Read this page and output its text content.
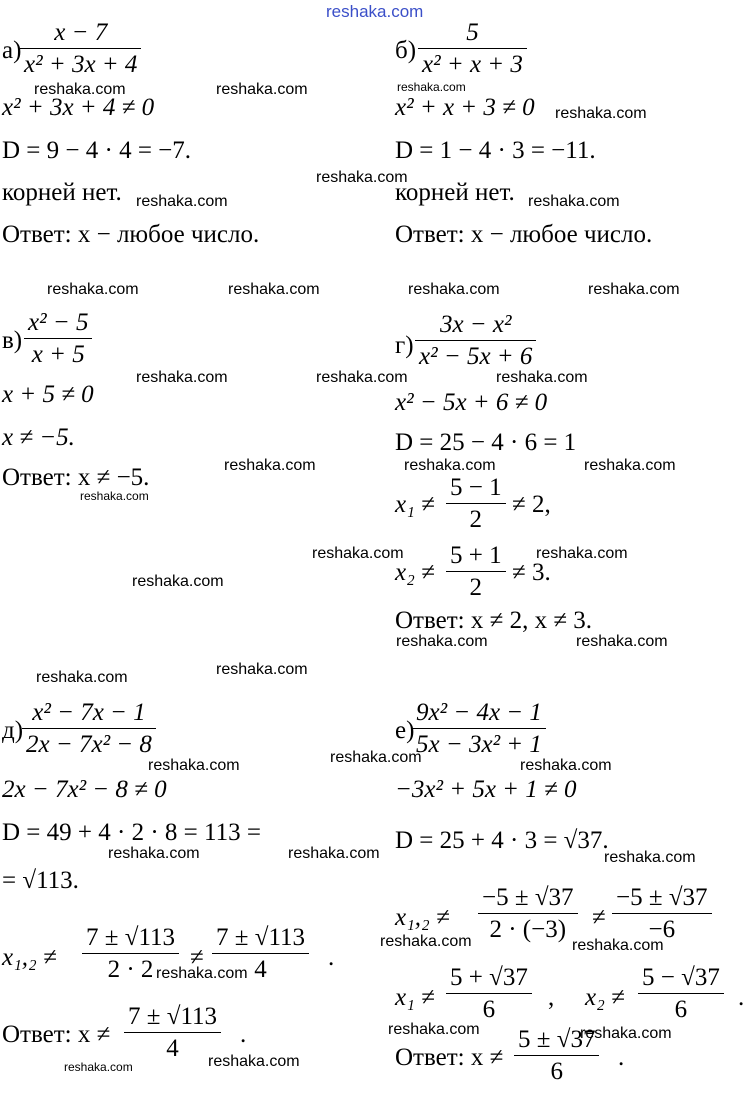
reshaka.com
а)
$\frac{x - 7}{\text{x² + 3x + 4}}$
x² + 3x + 4 ≠ 0
D = 9 − 4 · 4 = −7.
корней нет.
Ответ: x − любое число.
$б) \frac{5}{\text{x² + x + 3}}$
x² + x + 3 ≠ 0
D = 1 − 4 · 3 = −11.
корней нет.
Ответ: x − любое число.
$в) \frac{\text{x² − 5}}{x + 5}$
x + 5 ≠ 0
x ≠ −5.
Ответ: x ≠ −5.
$г) \frac{\text{3x − x²}}{\text{x² − 5x + 6}}$
x² − 5x + 6 ≠ 0
D = 25 − 4 · 6 = 1
$x_1 \ne \frac{5 - 1}{2} \ne 2$,
$x_2 \ne \frac{5 + 1}{2} \ne 3$.
Ответ: x ≠ 2, x ≠ 3.
д)
$\frac{\text{x² − 7x − 1}}{\text{2x − 7x² − 8}}$
2x − 7x² − 8 ≠ 0
D = 49 + 4 · 2 · 8 = 113 =
= √113.
$x_1,_2 \ne \frac{7 \pm √113}{2 \cdot 2} \ne \frac{7 \pm √113}{4}$ .
Ответ: $x \ne \frac{7 \pm √113}{4}$ .
е)
$\frac{\text{9x² − 4x − 1}}{\text{5x − 3x² + 1}}$
−3x² + 5x + 1 ≠ 0
D = 25 + 4 · 3 = √37.
$x_1,_2 \ne \frac{-5 \pm √37}{2 \cdot (-3)} \ne \frac{-5 \pm √37}{-6}$
$x_1 \ne \frac{5 + √37}{6}$ , $x_2 \ne \frac{5 - √37}{6}$ .
Ответ: $x \ne \frac{5 \pm √37}{6}$ .
reshaka.com	reshaka.com	reshaka.com
reshaka.com
reshaka.com
reshaka.com	reshaka.com
reshaka.com	reshaka.com	reshaka.com	reshaka.com
reshaka.com	reshaka.com	reshaka.com
reshaka.com	reshaka.com	reshaka.com
reshaka.com
reshaka.com	reshaka.com
reshaka.com
reshaka.com	reshaka.com
reshaka.com
reshaka.com
reshaka.com	reshaka.com	reshaka.com
reshaka.com	reshaka.com	reshaka.com
reshaka.com	reshaka.com
reshaka.com
reshaka.com	reshaka.com
reshaka.com
reshaka.com
